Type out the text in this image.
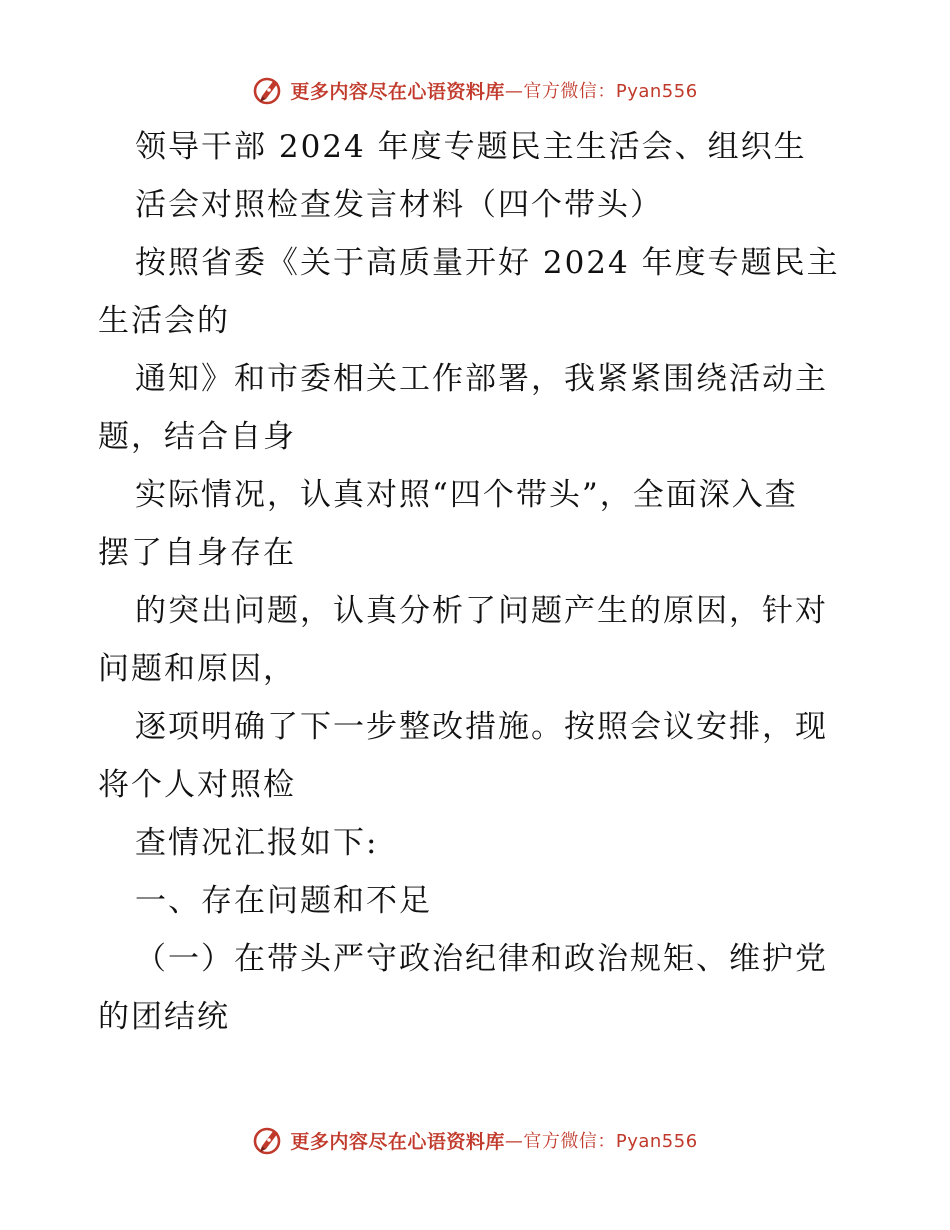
更多内容尽在心语资料库 —官方微信：Pyan556
领导干部 2024 年度专题民主生活会、组织生
活会对照检查发言材料（四个带头）
按照省委《关于高质量开好 2024 年度专题民主
生活会的
通知》和市委相关工作部署，我紧紧围绕活动主
题，结合自身
实际情况，认真对照“四个带头”，全面深入查
摆了自身存在
的突出问题，认真分析了问题产生的原因，针对
问题和原因，
逐项明确了下一步整改措施。按照会议安排，现
将个人对照检
查情况汇报如下:
一、存在问题和不足
（一）在带头严守政治纪律和政治规矩、维护党
的团结统
更多内容尽在心语资料库 —官方微信：Pyan556
